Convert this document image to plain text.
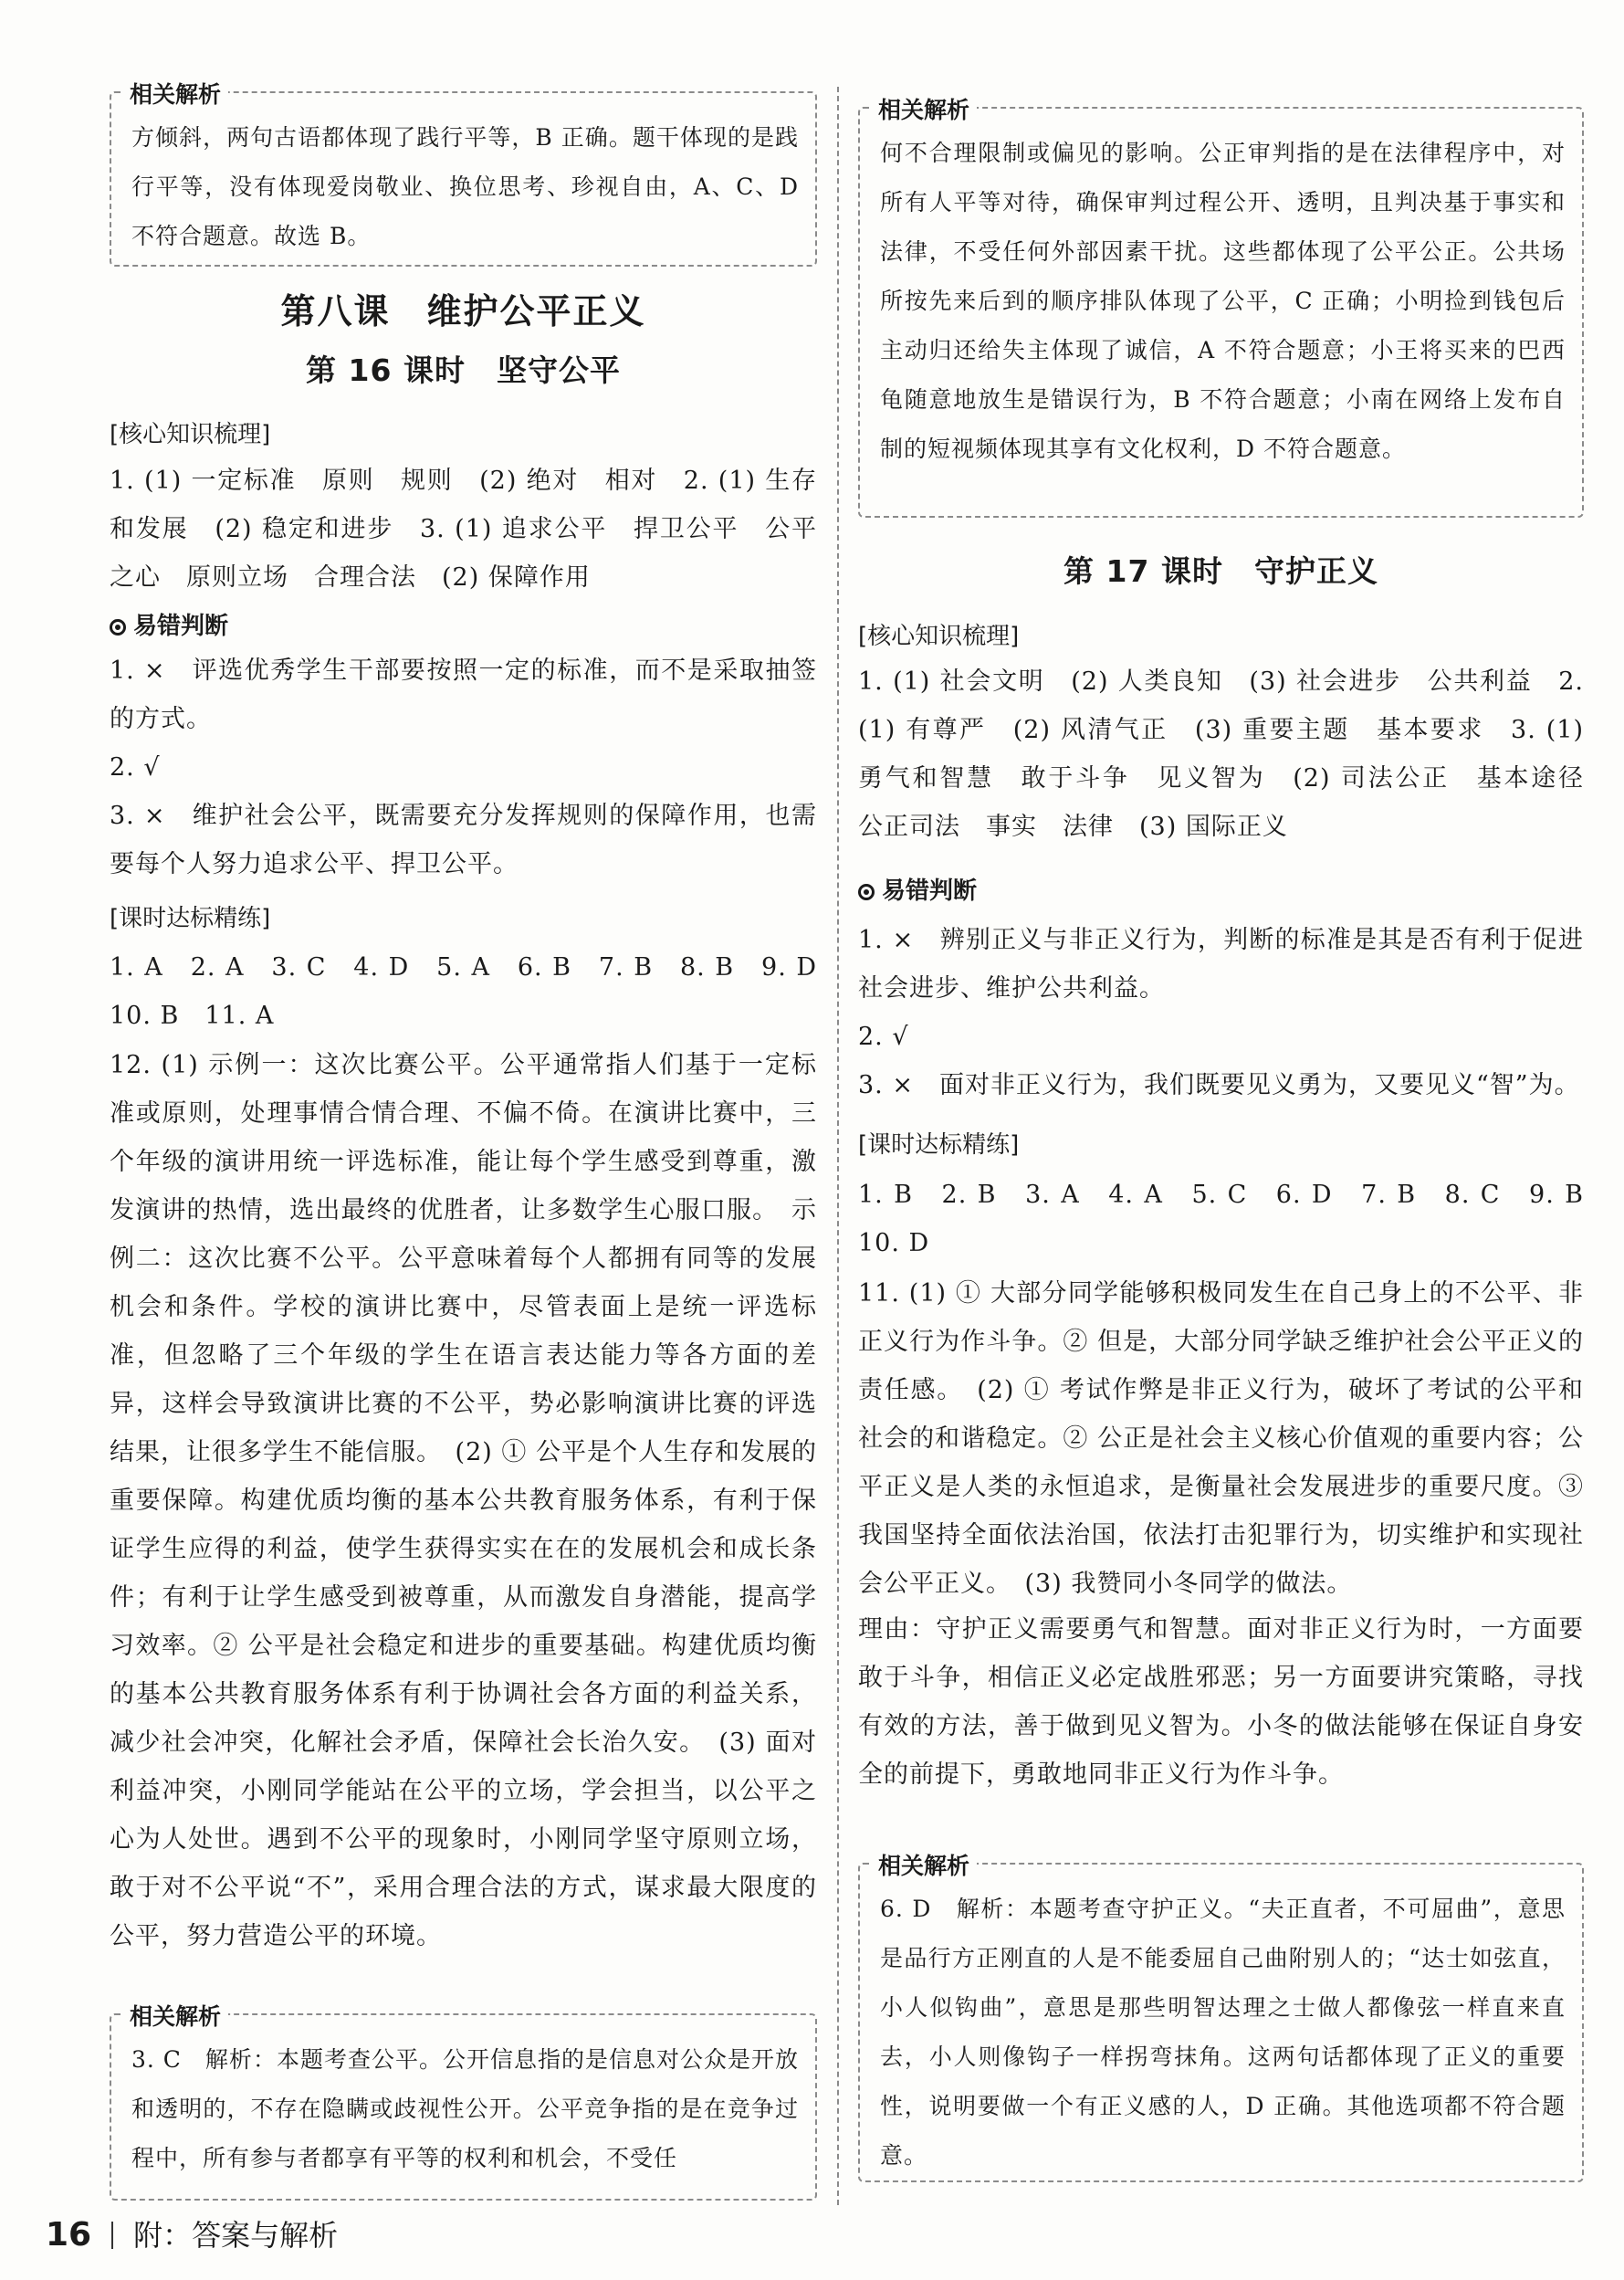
相关解析

方倾斜，两句古语都体现了践行平等，B 正确。题干体现的是践行平等，没有体现爱岗敬业、换位思考、珍视自由，A、C、D 不符合题意。故选 B。

第八课　维护公平正义
第 16 课时　坚守公平
[核心知识梳理]

1. (1) 一定标准　原则　规则　(2) 绝对　相对　2. (1) 生存和发展　(2) 稳定和进步　3. (1) 追求公平　捍卫公平　公平之心　原则立场　合理合法　(2) 保障作用

易错判断

1. ×　评选优秀学生干部要按照一定的标准，而不是采取抽签的方式。

2. √

3. ×　维护社会公平，既需要充分发挥规则的保障作用，也需要每个人努力追求公平、捍卫公平。

[课时达标精练]

1. A　2. A　3. C　4. D　5. A　6. B　7. B　8. B　9. D　10. B　11. A

12. (1) 示例一：这次比赛公平。公平通常指人们基于一定标准或原则，处理事情合情合理、不偏不倚。在演讲比赛中，三个年级的演讲用统一评选标准，能让每个学生感受到尊重，激发演讲的热情，选出最终的优胜者，让多数学生心服口服。　示例二：这次比赛不公平。公平意味着每个人都拥有同等的发展机会和条件。学校的演讲比赛中，尽管表面上是统一评选标准，但忽略了三个年级的学生在语言表达能力等各方面的差异，这样会导致演讲比赛的不公平，势必影响演讲比赛的评选结果，让很多学生不能信服。　(2) ① 公平是个人生存和发展的重要保障。构建优质均衡的基本公共教育服务体系，有利于保证学生应得的利益，使学生获得实实在在的发展机会和成长条件；有利于让学生感受到被尊重，从而激发自身潜能，提高学习效率。② 公平是社会稳定和进步的重要基础。构建优质均衡的基本公共教育服务体系有利于协调社会各方面的利益关系，减少社会冲突，化解社会矛盾，保障社会长治久安。　(3) 面对利益冲突，小刚同学能站在公平的立场，学会担当，以公平之心为人处世。遇到不公平的现象时，小刚同学坚守原则立场，敢于对不公平说“不”，采用合理合法的方式，谋求最大限度的公平，努力营造公平的环境。

相关解析

3. C　解析：本题考查公平。公开信息指的是信息对公众是开放和透明的，不存在隐瞒或歧视性公开。公平竞争指的是在竞争过程中，所有参与者都享有平等的权利和机会，不受任

相关解析

何不合理限制或偏见的影响。公正审判指的是在法律程序中，对所有人平等对待，确保审判过程公开、透明，且判决基于事实和法律，不受任何外部因素干扰。这些都体现了公平公正。公共场所按先来后到的顺序排队体现了公平，C 正确；小明捡到钱包后主动归还给失主体现了诚信，A 不符合题意；小王将买来的巴西龟随意地放生是错误行为，B 不符合题意；小南在网络上发布自制的短视频体现其享有文化权利，D 不符合题意。

第 17 课时　守护正义
[核心知识梳理]

1. (1) 社会文明　(2) 人类良知　(3) 社会进步　公共利益　2. (1) 有尊严　(2) 风清气正　(3) 重要主题　基本要求　3. (1) 勇气和智慧　敢于斗争　见义智为　(2) 司法公正　基本途径　公正司法　事实　法律　(3) 国际正义

易错判断

1. ×　辨别正义与非正义行为，判断的标准是其是否有利于促进社会进步、维护公共利益。

2. √

3. ×　面对非正义行为，我们既要见义勇为，又要见义“智”为。

[课时达标精练]

1. B　2. B　3. A　4. A　5. C　6. D　7. B　8. C　9. B　10. D

11. (1) ① 大部分同学能够积极同发生在自己身上的不公平、非正义行为作斗争。② 但是，大部分同学缺乏维护社会公平正义的责任感。　(2) ① 考试作弊是非正义行为，破坏了考试的公平和社会的和谐稳定。② 公正是社会主义核心价值观的重要内容；公平正义是人类的永恒追求，是衡量社会发展进步的重要尺度。③ 我国坚持全面依法治国，依法打击犯罪行为，切实维护和实现社会公平正义。　(3) 我赞同小冬同学的做法。

理由：守护正义需要勇气和智慧。面对非正义行为时，一方面要敢于斗争，相信正义必定战胜邪恶；另一方面要讲究策略，寻找有效的方法，善于做到见义智为。小冬的做法能够在保证自身安全的前提下，勇敢地同非正义行为作斗争。

相关解析

6. D　解析：本题考查守护正义。“夫正直者，不可屈曲”，意思是品行方正刚直的人是不能委屈自己曲附别人的；“达士如弦直，小人似钩曲”，意思是那些明智达理之士做人都像弦一样直来直去，小人则像钩子一样拐弯抹角。这两句话都体现了正义的重要性，说明要做一个有正义感的人，D 正确。其他选项都不符合题意。

16 附：答案与解析
